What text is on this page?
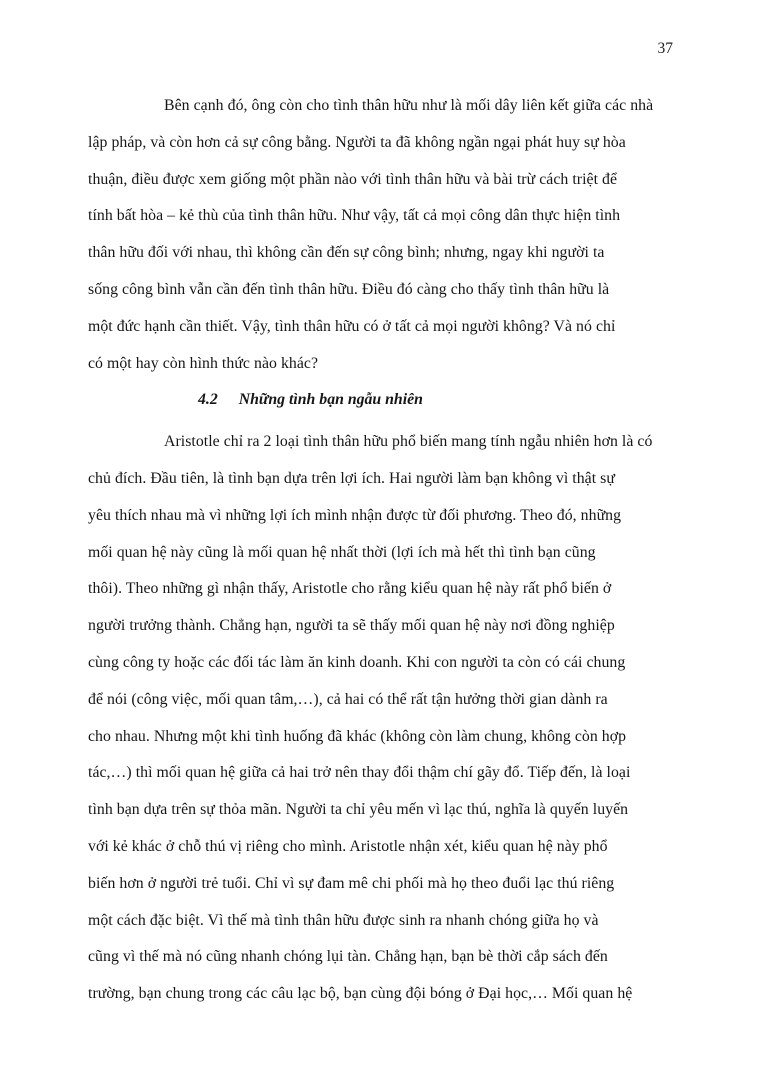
37
Bên cạnh đó, ông còn cho tình thân hữu như là mối dây liên kết giữa các nhà
lập pháp, và còn hơn cả sự công bằng. Người ta đã không ngần ngại phát huy sự hòa
thuận, điều được xem giống một phần nào với tình thân hữu và bài trừ cách triệt để
tính bất hòa – kẻ thù của tình thân hữu. Như vậy, tất cả mọi công dân thực hiện tình
thân hữu đối với nhau, thì không cần đến sự công bình; nhưng, ngay khi người ta
sống công bình vẫn cần đến tình thân hữu. Điều đó càng cho thấy tình thân hữu là
một đức hạnh cần thiết. Vậy, tình thân hữu có ở tất cả mọi người không? Và nó chỉ
có một hay còn hình thức nào khác?
4.2 Những tình bạn ngẫu nhiên
Aristotle chỉ ra 2 loại tình thân hữu phổ biến mang tính ngẫu nhiên hơn là có
chủ đích. Đầu tiên, là tình bạn dựa trên lợi ích. Hai người làm bạn không vì thật sự
yêu thích nhau mà vì những lợi ích mình nhận được từ đối phương. Theo đó, những
mối quan hệ này cũng là mối quan hệ nhất thời (lợi ích mà hết thì tình bạn cũng
thôi). Theo những gì nhận thấy, Aristotle cho rằng kiểu quan hệ này rất phổ biến ở
người trưởng thành. Chẳng hạn, người ta sẽ thấy mối quan hệ này nơi đồng nghiệp
cùng công ty hoặc các đối tác làm ăn kinh doanh. Khi con người ta còn có cái chung
để nói (công việc, mối quan tâm,…), cả hai có thể rất tận hưởng thời gian dành ra
cho nhau. Nhưng một khi tình huống đã khác (không còn làm chung, không còn hợp
tác,…) thì mối quan hệ giữa cả hai trở nên thay đổi thậm chí gãy đổ. Tiếp đến, là loại
tình bạn dựa trên sự thỏa mãn. Người ta chỉ yêu mến vì lạc thú, nghĩa là quyến luyến
với kẻ khác ở chỗ thú vị riêng cho mình. Aristotle nhận xét, kiểu quan hệ này phổ
biến hơn ở người trẻ tuổi. Chỉ vì sự đam mê chi phối mà họ theo đuổi lạc thú riêng
một cách đặc biệt. Vì thế mà tình thân hữu được sinh ra nhanh chóng giữa họ và
cũng vì thế mà nó cũng nhanh chóng lụi tàn. Chẳng hạn, bạn bè thời cắp sách đến
trường, bạn chung trong các câu lạc bộ, bạn cùng đội bóng ở Đại học,… Mối quan hệ
